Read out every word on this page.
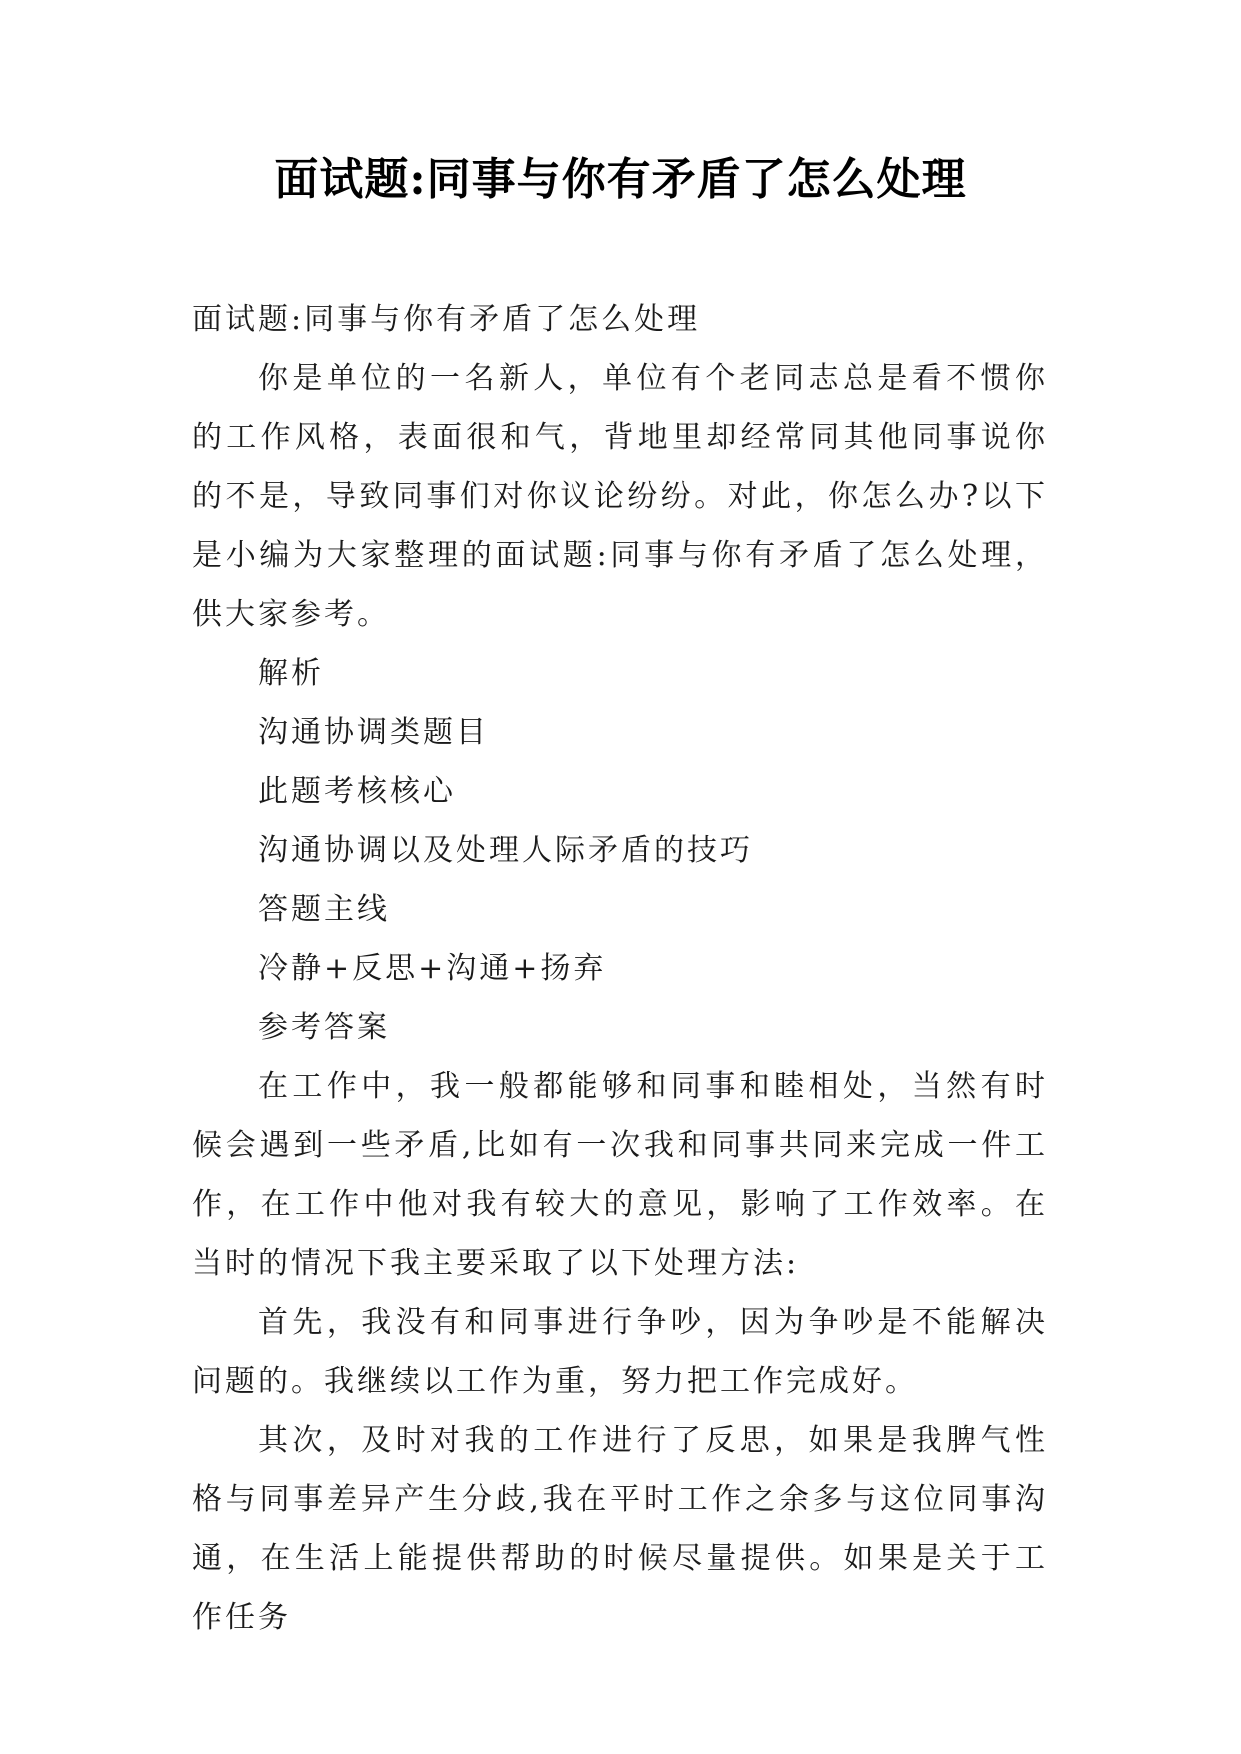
面试题:同事与你有矛盾了怎么处理

面试题:同事与你有矛盾了怎么处理

你是单位的一名新人，单位有个老同志总是看不惯你的工作风格，表面很和气，背地里却经常同其他同事说你的不是，导致同事们对你议论纷纷。对此，你怎么办?以下是小编为大家整理的面试题:同事与你有矛盾了怎么处理，供大家参考。

解析

沟通协调类题目

此题考核核心

沟通协调以及处理人际矛盾的技巧

答题主线

冷静+反思+沟通+扬弃

参考答案

在工作中，我一般都能够和同事和睦相处，当然有时候会遇到一些矛盾,比如有一次我和同事共同来完成一件工作，在工作中他对我有较大的意见，影响了工作效率。在当时的情况下我主要采取了以下处理方法:

首先，我没有和同事进行争吵，因为争吵是不能解决问题的。我继续以工作为重，努力把工作完成好。

其次，及时对我的工作进行了反思，如果是我脾气性格与同事差异产生分歧,我在平时工作之余多与这位同事沟通，在生活上能提供帮助的时候尽量提供。如果是关于工作任务
